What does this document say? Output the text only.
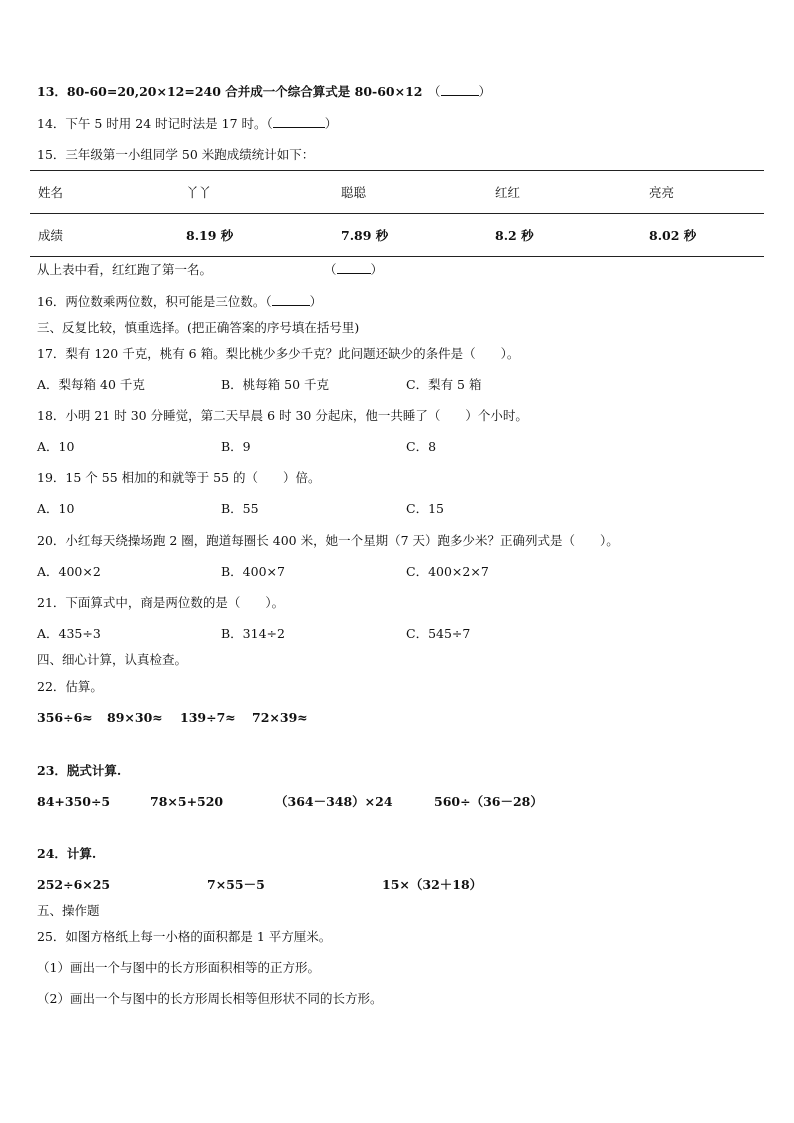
13．80-60=20,20×12=240 合并成一个综合算式是 80-60×12 （	）
14．下午 5 时用 24 时记时法是 17 时。（	）
15．三年级第一小组同学 50 米跑成绩统计如下：
姓名	丫丫	聪聪	红红	亮亮
成绩	8.19 秒	7.89 秒	8.2 秒	8.02 秒
从上表中看，红红跑了第一名。	（	）
16．两位数乘两位数，积可能是三位数。（	）
三、反复比较，慎重选择。(把正确答案的序号填在括号里)
17．梨有 120 千克，桃有 6 箱。梨比桃少多少千克？此问题还缺少的条件是（　　）。
A．梨每箱 40 千克	B．桃每箱 50 千克	C．梨有 5 箱
18．小明 21 时 30 分睡觉，第二天早晨 6 时 30 分起床，他一共睡了（　　）个小时。
A．10	B．9	C．8
19．15 个 55 相加的和就等于 55 的（　　）倍。
A．10	B．55	C．15
20．小红每天绕操场跑 2 圈，跑道每圈长 400 米，她一个星期（7 天）跑多少米？正确列式是（　　）。
A．400×2	B．400×7	C．400×2×7
21．下面算式中，商是两位数的是（　　）。
A．435÷3	B．314÷2	C．545÷7
四、细心计算，认真检查。
22．估算。
356÷6≈ 89×30≈ 139÷7≈ 72×39≈
23．脱式计算.
84+350÷5	78×5+520	（364－348）×24	560÷（36－28）
24．计算.
252÷6×25	7×55－5	15×（32＋18）
五、操作题
25．如图方格纸上每一小格的面积都是 1 平方厘米。
（1）画出一个与图中的长方形面积相等的正方形。
（2）画出一个与图中的长方形周长相等但形状不同的长方形。
